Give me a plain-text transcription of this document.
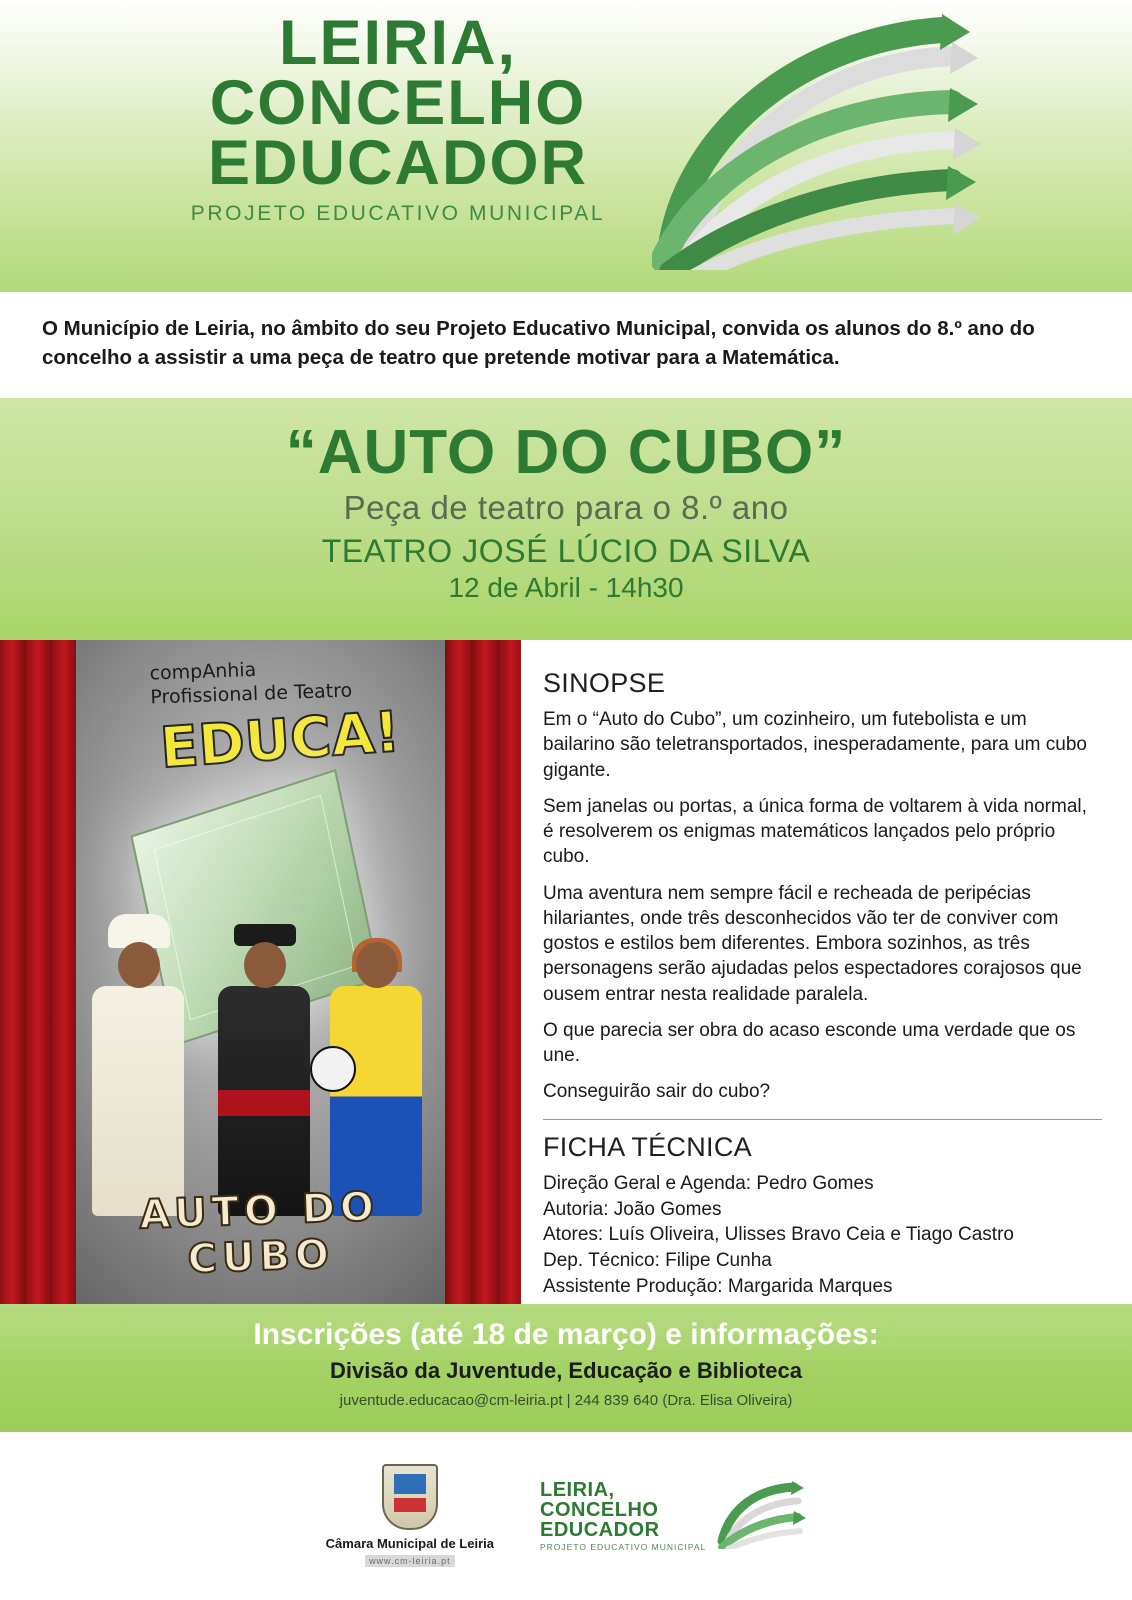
LEIRIA,
CONCELHO
EDUCADOR
PROJETO EDUCATIVO MUNICIPAL

O Município de Leiria, no âmbito do seu Projeto Educativo Municipal, convida os alunos do 8.º ano do concelho a assistir a uma peça de teatro que pretende motivar para a Matemática.

“AUTO DO CUBO”

Peça de teatro para o 8.º ano

TEATRO JOSÉ LÚCIO DA SILVA

12 de Abril - 14h30

compAnhia
Profissional de Teatro
EDUCA!
AUTO DO CUBO
SINOPSE

Em o “Auto do Cubo”, um cozinheiro, um futebolista e um bailarino são teletransportados, inesperadamente, para um cubo gigante.

Sem janelas ou portas, a única forma de voltarem à vida normal, é resolverem os enigmas matemáticos lançados pelo próprio cubo.

Uma aventura nem sempre fácil e recheada de peripécias hilariantes, onde três desconhecidos vão ter de conviver com gostos e estilos bem diferentes. Embora sozinhos, as três personagens serão ajudadas pelos espectadores corajosos que ousem entrar nesta realidade paralela.

O que parecia ser obra do acaso esconde uma verdade que os une.

Conseguirão sair do cubo?

FICHA TÉCNICA
Direção Geral e Agenda: Pedro Gomes
Autoria: João Gomes
Atores: Luís Oliveira, Ulisses Bravo Ceia e Tiago Castro
Dep. Técnico: Filipe Cunha
Assistente Produção: Margarida Marques

Inscrições (até 18 de março) e informações:

Divisão da Juventude, Educação e Biblioteca

juventude.educacao@cm-leiria.pt | 244 839 640 (Dra. Elisa Oliveira)

Câmara Municipal de Leiria
www.cm-leiria.pt
LEIRIA,
CONCELHO
EDUCADOR
PROJETO EDUCATIVO MUNICIPAL
